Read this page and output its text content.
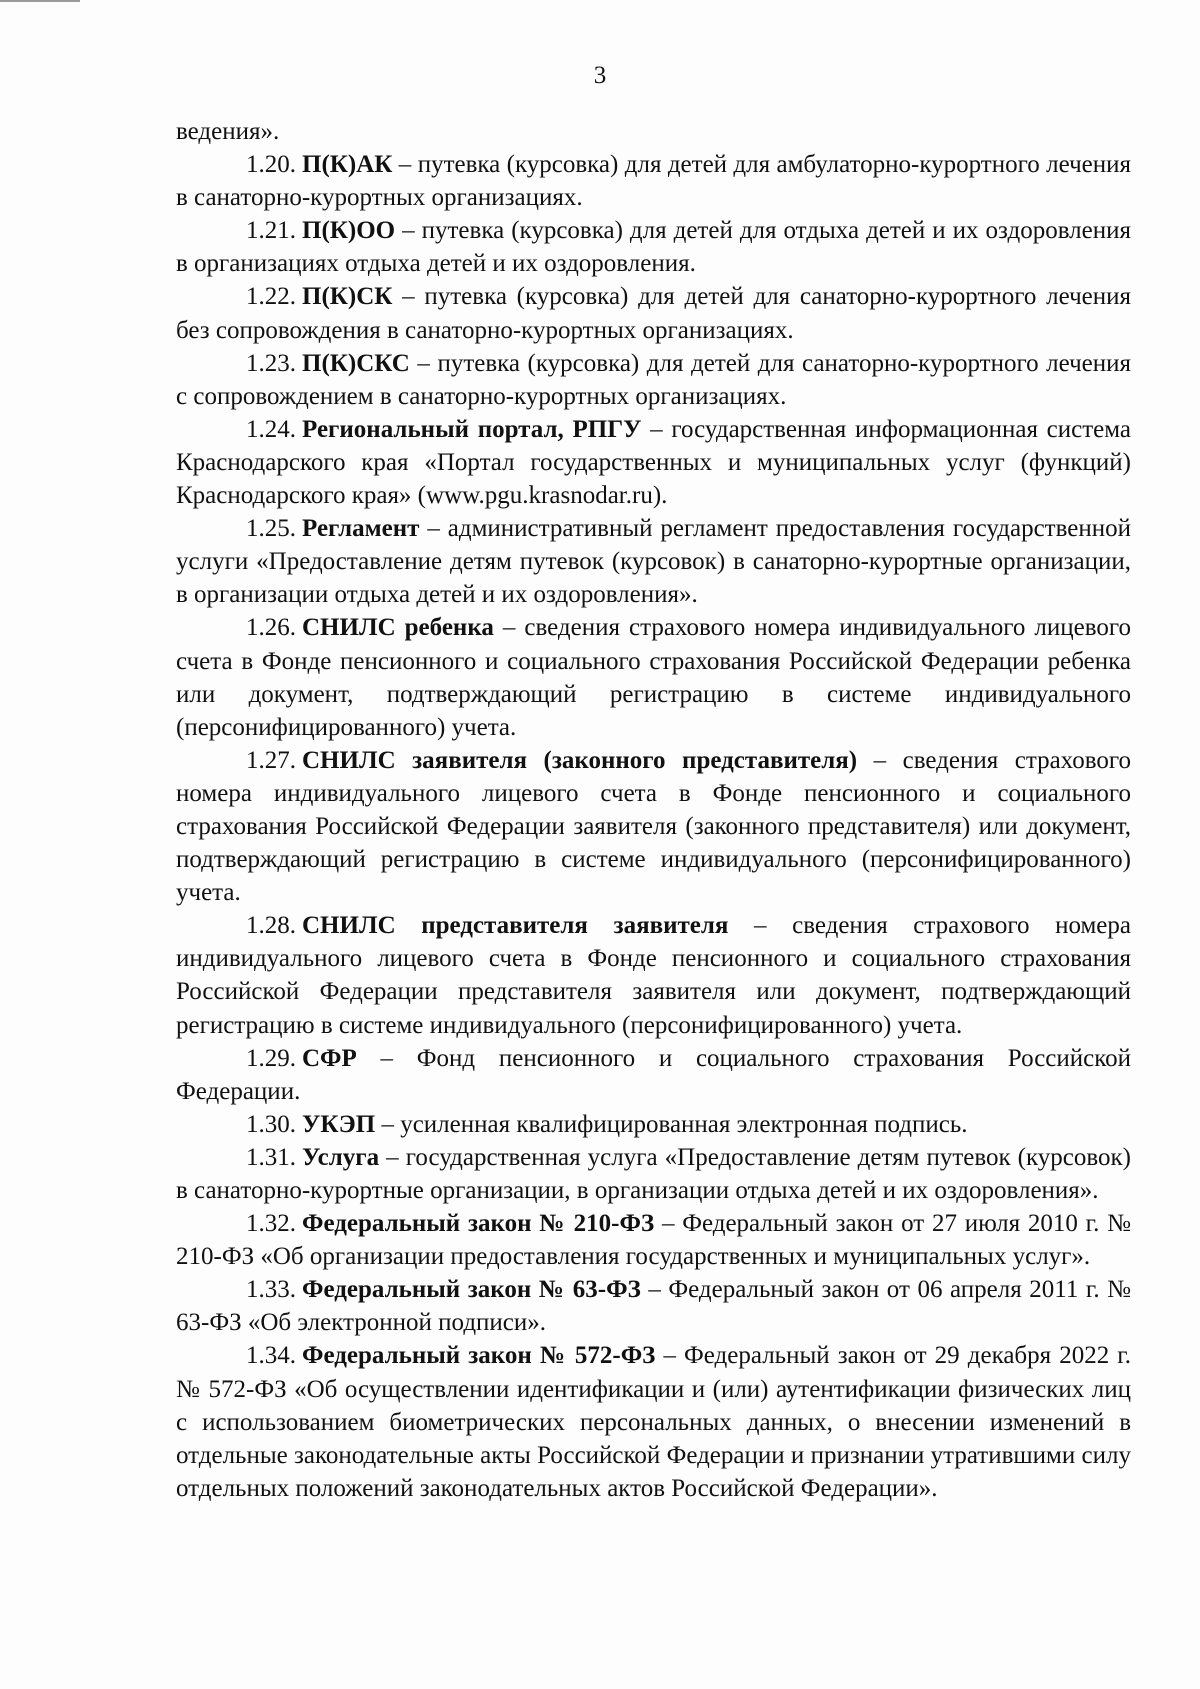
3

ведения».

1.20. П(К)АК – путевка (курсовка) для детей для амбулаторно-курортного лечения в санаторно-курортных организациях.

1.21. П(К)ОО – путевка (курсовка) для детей для отдыха детей и их оздоровления в организациях отдыха детей и их оздоровления.

1.22. П(К)СК – путевка (курсовка) для детей для санаторно-курортного лечения без сопровождения в санаторно-курортных организациях.

1.23. П(К)СКС – путевка (курсовка) для детей для санаторно-курортного лечения с сопровождением в санаторно-курортных организациях.

1.24. Региональный портал, РПГУ – государственная информационная система Краснодарского края «Портал государственных и муниципальных услуг (функций) Краснодарского края» (www.pgu.krasnodar.ru).

1.25. Регламент – административный регламент предоставления государственной услуги «Предоставление детям путевок (курсовок) в санаторно-курортные организации, в организации отдыха детей и их оздоровления».

1.26. СНИЛС ребенка – сведения страхового номера индивидуального лицевого счета в Фонде пенсионного и социального страхования Российской Федерации ребенка или документ, подтверждающий регистрацию в системе индивидуального (персонифицированного) учета.

1.27. СНИЛС заявителя (законного представителя) – сведения страхового номера индивидуального лицевого счета в Фонде пенсионного и социального страхования Российской Федерации заявителя (законного представителя) или документ, подтверждающий регистрацию в системе индивидуального (персонифицированного) учета.

1.28. СНИЛС представителя заявителя – сведения страхового номера индивидуального лицевого счета в Фонде пенсионного и социального страхования Российской Федерации представителя заявителя или документ, подтверждающий регистрацию в системе индивидуального (персонифицированного) учета.

1.29. СФР – Фонд пенсионного и социального страхования Российской Федерации.

1.30. УКЭП – усиленная квалифицированная электронная подпись.

1.31. Услуга – государственная услуга «Предоставление детям путевок (курсовок) в санаторно-курортные организации, в организации отдыха детей и их оздоровления».

1.32. Федеральный закон № 210-ФЗ – Федеральный закон от 27 июля 2010 г. № 210-ФЗ «Об организации предоставления государственных и муниципальных услуг».

1.33. Федеральный закон № 63-ФЗ – Федеральный закон от 06 апреля 2011 г. № 63-ФЗ «Об электронной подписи».

1.34. Федеральный закон № 572-ФЗ – Федеральный закон от 29 декабря 2022 г. № 572-ФЗ «Об осуществлении идентификации и (или) аутентификации физических лиц с использованием биометрических персональных данных, о внесении изменений в отдельные законодательные акты Российской Федерации и признании утратившими силу отдельных положений законодательных актов Российской Федерации».
